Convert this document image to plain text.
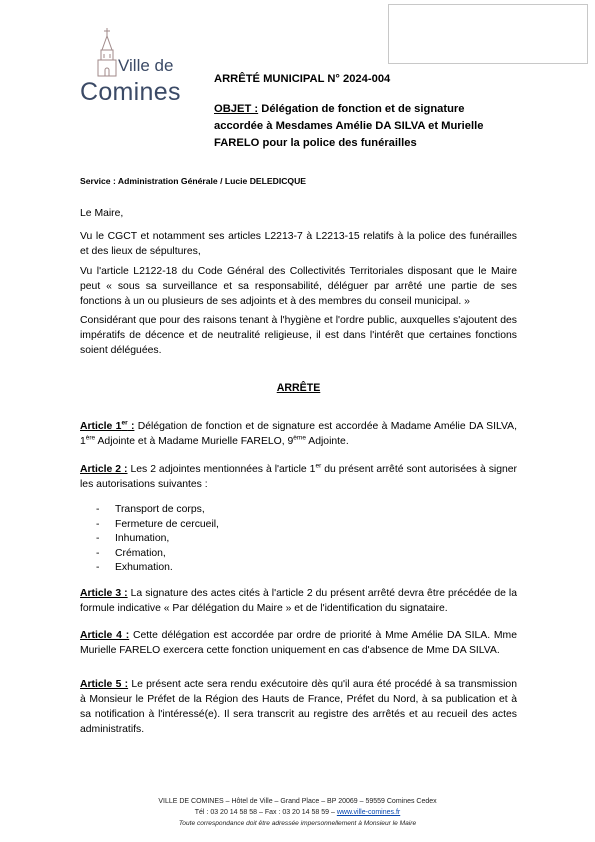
Ville de
Comines	ARRÊTÉ MUNICIPAL N° 2024-004
OBJET : Délégation de fonction et de signature accordée à Mesdames Amélie DA SILVA et Murielle FARELO pour la police des funérailles
Service : Administration Générale / Lucie DELEDICQUE
Le Maire,
Vu le CGCT et notamment ses articles L2213-7 à L2213-15 relatifs à la police des funérailles et des lieux de sépultures,
Vu l'article L2122-18 du Code Général des Collectivités Territoriales disposant que le Maire peut « sous sa surveillance et sa responsabilité, déléguer par arrêté une partie de ses fonctions à un ou plusieurs de ses adjoints et à des membres du conseil municipal. »
Considérant que pour des raisons tenant à l'hygiène et l'ordre public, auxquelles s'ajoutent des impératifs de décence et de neutralité religieuse, il est dans l'intérêt que certaines fonctions soient déléguées.
ARRÊTE
Article 1er : Délégation de fonction et de signature est accordée à Madame Amélie DA SILVA, 1ère Adjointe et à Madame Murielle FARELO, 9ème Adjointe.
Article 2 : Les 2 adjointes mentionnées à l'article 1er du présent arrêté sont autorisées à signer les autorisations suivantes :
-	Transport de corps,
-	Fermeture de cercueil,
-	Inhumation,
-	Crémation,
-	Exhumation.
Article 3 : La signature des actes cités à l'article 2 du présent arrêté devra être précédée de la formule indicative « Par délégation du Maire » et de l'identification du signataire.
Article 4 : Cette délégation est accordée par ordre de priorité à Mme Amélie DA SILA. Mme Murielle FARELO exercera cette fonction uniquement en cas d'absence de Mme DA SILVA.
Article 5 : Le présent acte sera rendu exécutoire dès qu'il aura été procédé à sa transmission à Monsieur le Préfet de la Région des Hauts de France, Préfet du Nord, à sa publication et à sa notification à l'intéressé(e). Il sera transcrit au registre des arrêtés et au recueil des actes administratifs.
VILLE DE COMINES – Hôtel de Ville – Grand Place – BP 20069 – 59559 Comines Cedex
Tél : 03 20 14 58 58 – Fax : 03 20 14 58 59 – www.ville-comines.fr
Toute correspondance doit être adressée impersonnellement à Monsieur le Maire
